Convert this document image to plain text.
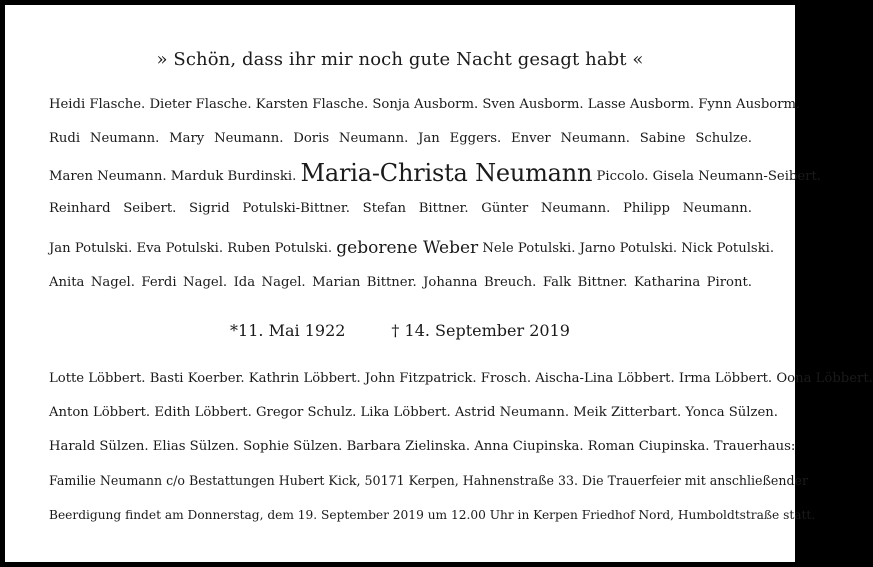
» Schön, dass ihr mir noch gute Nacht gesagt habt «
Heidi Flasche. Dieter Flasche. Karsten Flasche. Sonja Ausborm. Sven Ausborm. Lasse Ausborm. Fynn Ausborm.
Rudi Neumann. Mary Neumann. Doris Neumann. Jan Eggers. Enver Neumann. Sabine Schulze.
Maren Neumann. Marduk Burdinski. Maria-Christa Neumann Piccolo. Gisela Neumann-Seibert.
Reinhard Seibert. Sigrid Potulski-Bittner. Stefan Bittner. Günter Neumann. Philipp Neumann.
Jan Potulski. Eva Potulski. Ruben Potulski. geborene Weber Nele Potulski. Jarno Potulski. Nick Potulski.
Anita Nagel. Ferdi Nagel. Ida Nagel. Marian Bittner. Johanna Breuch. Falk Bittner. Katharina Piront.
*11. Mai 1922	† 14. September 2019
Lotte Löbbert. Basti Koerber. Kathrin Löbbert. John Fitzpatrick. Frosch. Aischa-Lina Löbbert. Irma Löbbert. Oona Löbbert.
Anton Löbbert. Edith Löbbert. Gregor Schulz. Lika Löbbert. Astrid Neumann. Meik Zitterbart. Yonca Sülzen.
Harald Sülzen. Elias Sülzen. Sophie Sülzen. Barbara Zielinska. Anna Ciupinska. Roman Ciupinska. Trauerhaus:
Familie Neumann c/o Bestattungen Hubert Kick, 50171 Kerpen, Hahnenstraße 33. Die Trauerfeier mit anschließender
Beerdigung findet am Donnerstag, dem 19. September 2019 um 12.00 Uhr in Kerpen Friedhof Nord, Humboldtstraße statt.
